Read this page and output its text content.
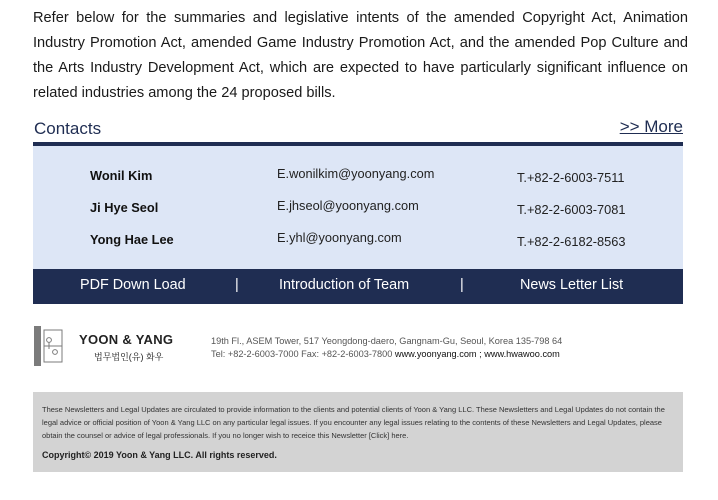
Refer below for the summaries and legislative intents of the amended Copyright Act, Animation Industry Promotion Act, amended Game Industry Promotion Act, and the amended Pop Culture and the Arts Industry Development Act, which are expected to have particularly significant influence on related industries among the 24 proposed bills.
Contacts	>> More
Wonil Kim	E.wonilkim@yoonyang.com	T.+82-2-6003-7511
Ji Hye Seol	E.jhseol@yoonyang.com	T.+82-2-6003-7081
Yong Hae Lee	E.yhl@yoonyang.com	T.+82-2-6182-8563
PDF Down Load	|	Introduction of Team	|	News Letter List
YOON & YANG
법무법인(유) 화우
19th Fl., ASEM Tower, 517 Yeongdong-daero, Gangnam-Gu, Seoul, Korea 135-798 64
Tel: +82-2-6003-7000 Fax: +82-2-6003-7800 www.yoonyang.com ; www.hwawoo.com
These Newsletters and Legal Updates are circulated to provide information to the clients and potential clients of Yoon & Yang LLC. These Newsletters and Legal Updates do not contain the legal advice or official position of Yoon & Yang LLC on any particular legal issues. If you encounter any legal issues relating to the contents of these Newsletters and Legal Updates, please obtain the counsel or advice of legal professionals. If you no longer wish to receice this Newsletter [Click] here.
Copyright© 2019 Yoon & Yang LLC. All rights reserved.
